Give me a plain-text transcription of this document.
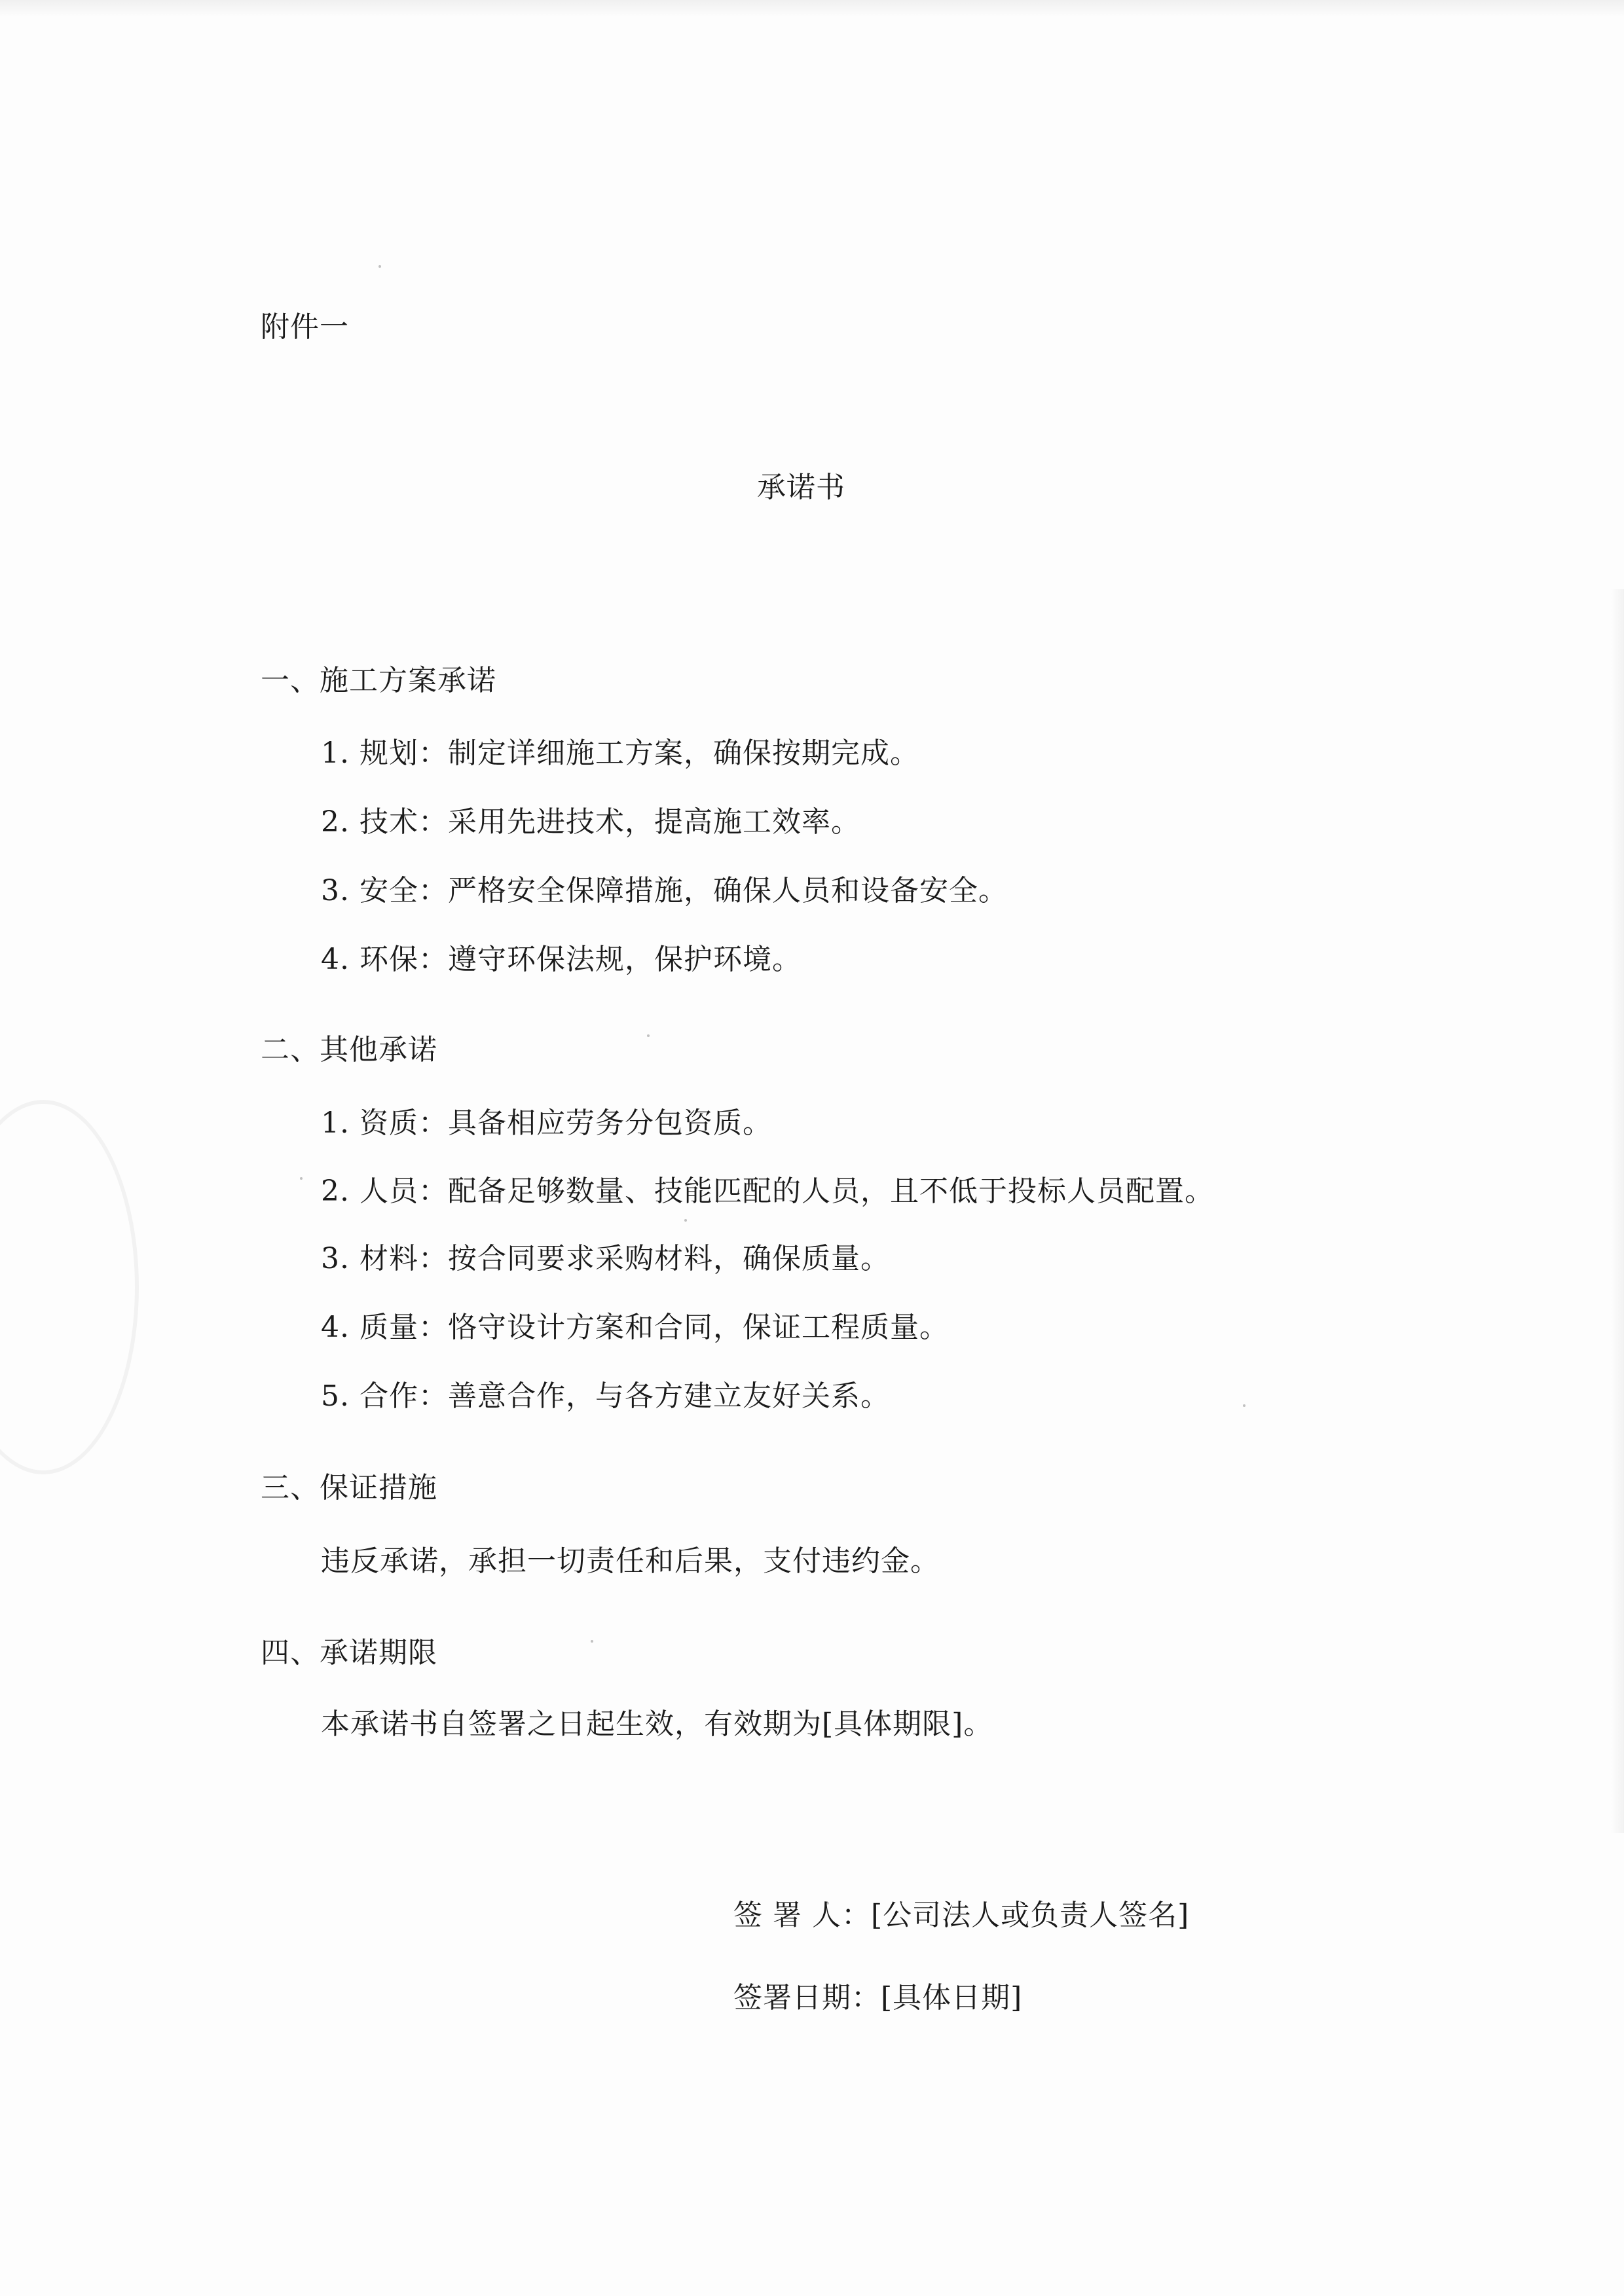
附件一
承诺书
一、施工方案承诺
1. 规划：制定详细施工方案，确保按期完成。
2. 技术：采用先进技术，提高施工效率。
3. 安全：严格安全保障措施，确保人员和设备安全。
4. 环保：遵守环保法规，保护环境。
二、其他承诺
1. 资质：具备相应劳务分包资质。
2. 人员：配备足够数量、技能匹配的人员，且不低于投标人员配置。
3. 材料：按合同要求采购材料，确保质量。
4. 质量：恪守设计方案和合同，保证工程质量。
5. 合作：善意合作，与各方建立友好关系。
三、保证措施
违反承诺，承担一切责任和后果，支付违约金。
四、承诺期限
本承诺书自签署之日起生效，有效期为[具体期限]。
签 署 人：[公司法人或负责人签名]
签署日期：[具体日期]
